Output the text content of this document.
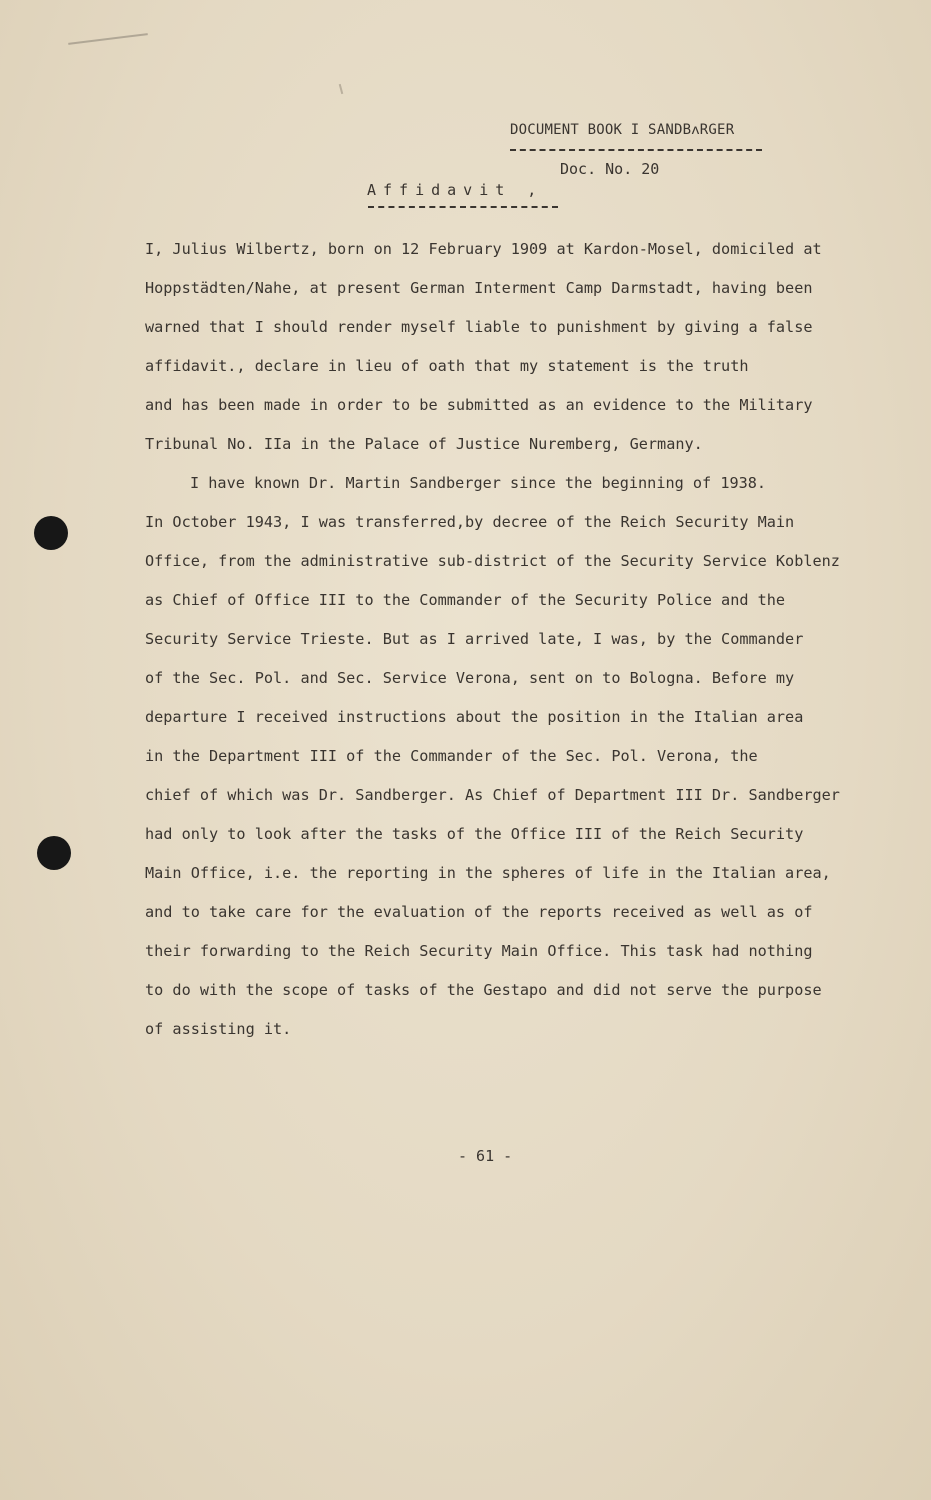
DOCUMENT BOOK I SANDBᴧRGER
Doc. No. 20
Affidavit ,
I, Julius Wilbertz, born on 12 February 1909 at Kardon-Mosel, domiciled at
Hoppstädten/Nahe, at present German Interment Camp Darmstadt, having been
warned that I should render myself liable to punishment by giving a false
affidavit., declare in lieu of oath that my statement is the truth
and has been made in order to be submitted as an evidence to the Military
Tribunal No. IIa in the Palace of Justice Nuremberg, Germany.
I have known Dr. Martin Sandberger since the beginning of 1938.
In October 1943, I was transferred,by decree of the Reich Security Main
Office, from the administrative sub-district of the Security Service Koblenz
as Chief of Office III to the Commander of the Security Police and the
Security Service Trieste. But as I arrived late, I was, by the Commander
of the Sec. Pol. and Sec. Service Verona, sent on to Bologna. Before my
departure I received instructions about the position in the Italian area
in the Department III of the Commander of the Sec. Pol. Verona, the
chief of which was Dr. Sandberger. As Chief of Department III Dr. Sandberger
had only to look after the tasks of the Office III of the Reich Security
Main Office, i.e. the reporting in the spheres of life in the Italian area,
and to take care for the evaluation of the reports received as well as of
their forwarding to the Reich Security Main Office. This task had nothing
to do with the scope of tasks of the Gestapo and did not serve the purpose
of assisting it.
- 61 -
